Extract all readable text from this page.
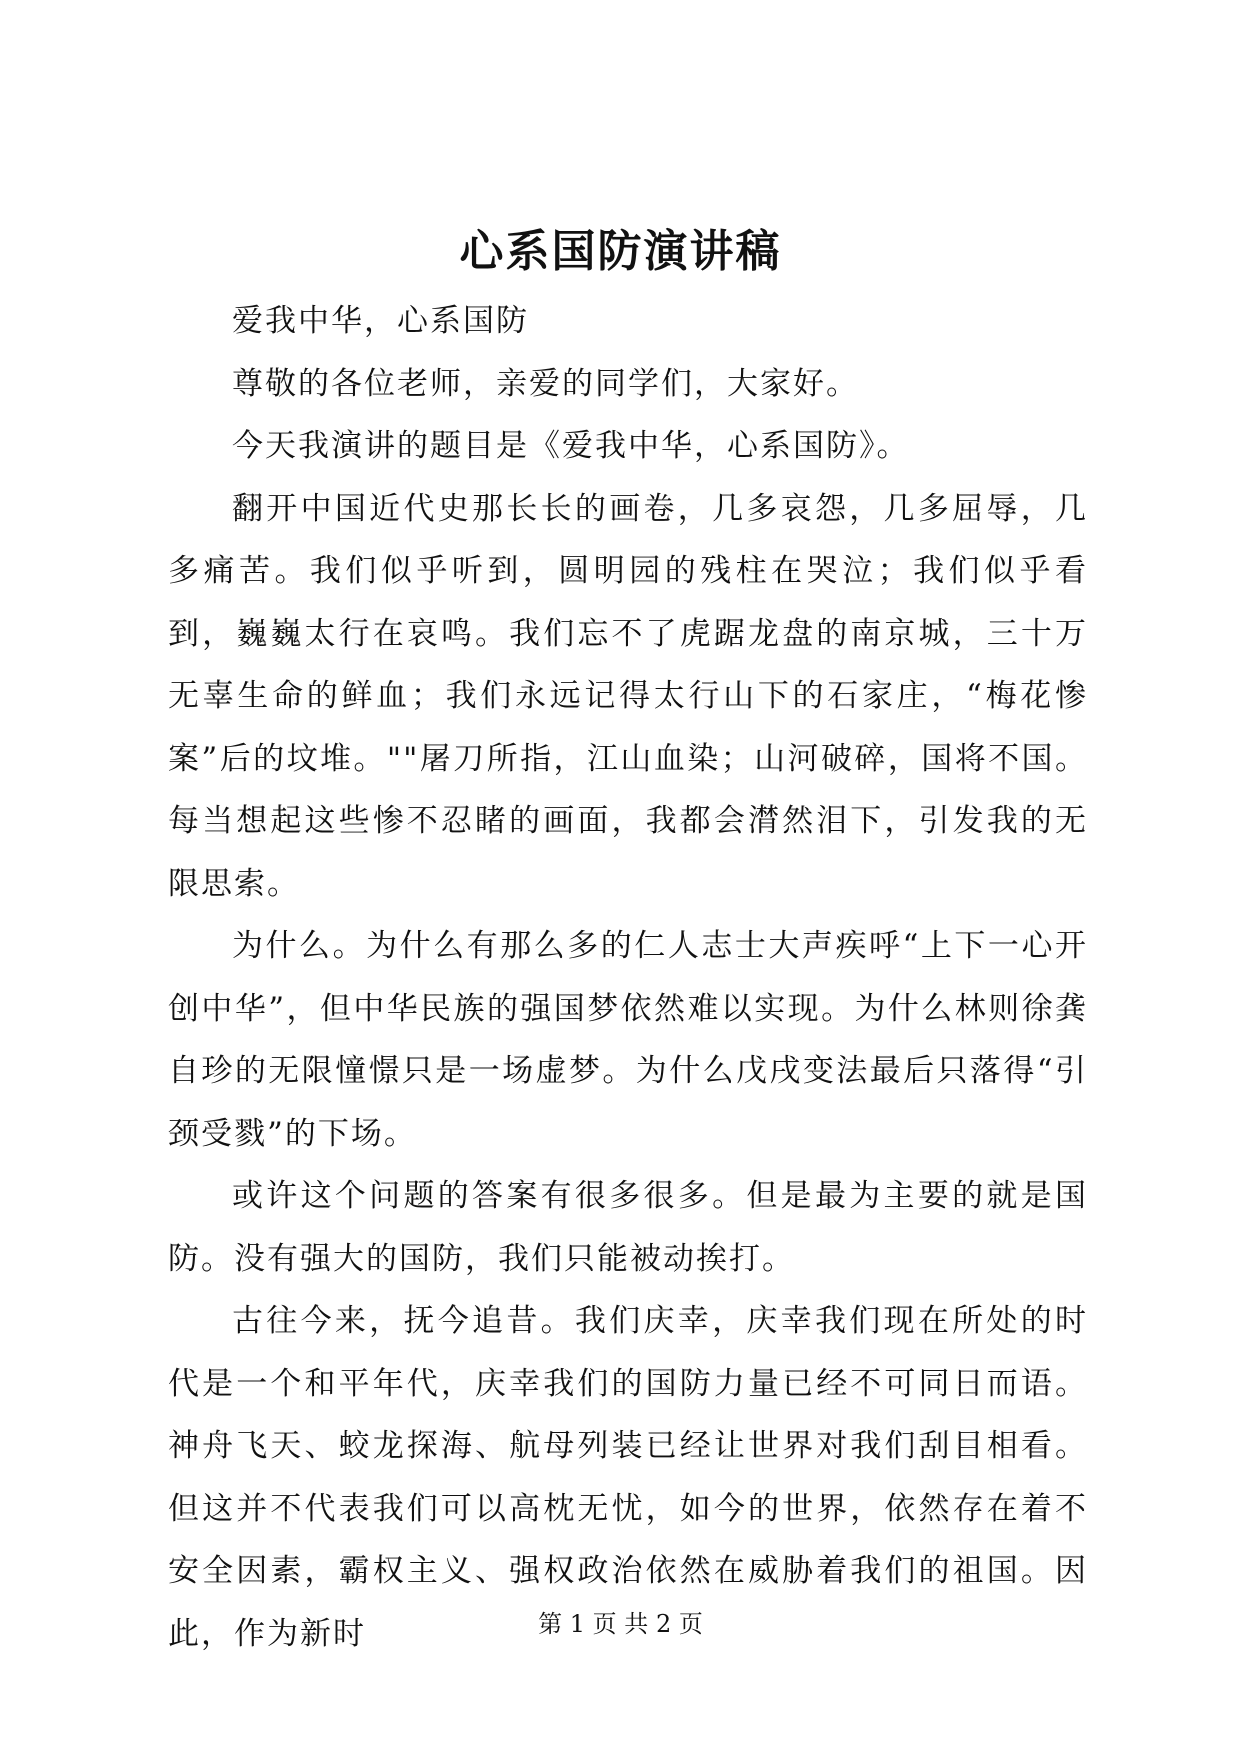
心系国防演讲稿

爱我中华，心系国防

尊敬的各位老师，亲爱的同学们，大家好。

今天我演讲的题目是《爱我中华，心系国防》。

翻开中国近代史那长长的画卷，几多哀怨，几多屈辱，几多痛苦。我们似乎听到，圆明园的残柱在哭泣；我们似乎看到，巍巍太行在哀鸣。我们忘不了虎踞龙盘的南京城，三十万无辜生命的鲜血；我们永远记得太行山下的石家庄，“梅花惨案”后的坟堆。""屠刀所指，江山血染；山河破碎，国将不国。每当想起这些惨不忍睹的画面，我都会潸然泪下，引发我的无限思索。

为什么。为什么有那么多的仁人志士大声疾呼“上下一心开创中华”，但中华民族的强国梦依然难以实现。为什么林则徐龚自珍的无限憧憬只是一场虚梦。为什么戊戌变法最后只落得“引颈受戮”的下场。

或许这个问题的答案有很多很多。但是最为主要的就是国防。没有强大的国防，我们只能被动挨打。

古往今来，抚今追昔。我们庆幸，庆幸我们现在所处的时代是一个和平年代，庆幸我们的国防力量已经不可同日而语。神舟飞天、蛟龙探海、航母列装已经让世界对我们刮目相看。但这并不代表我们可以高枕无忧，如今的世界，依然存在着不安全因素，霸权主义、强权政治依然在威胁着我们的祖国。因此，作为新时	第 1 页 共 2 页
